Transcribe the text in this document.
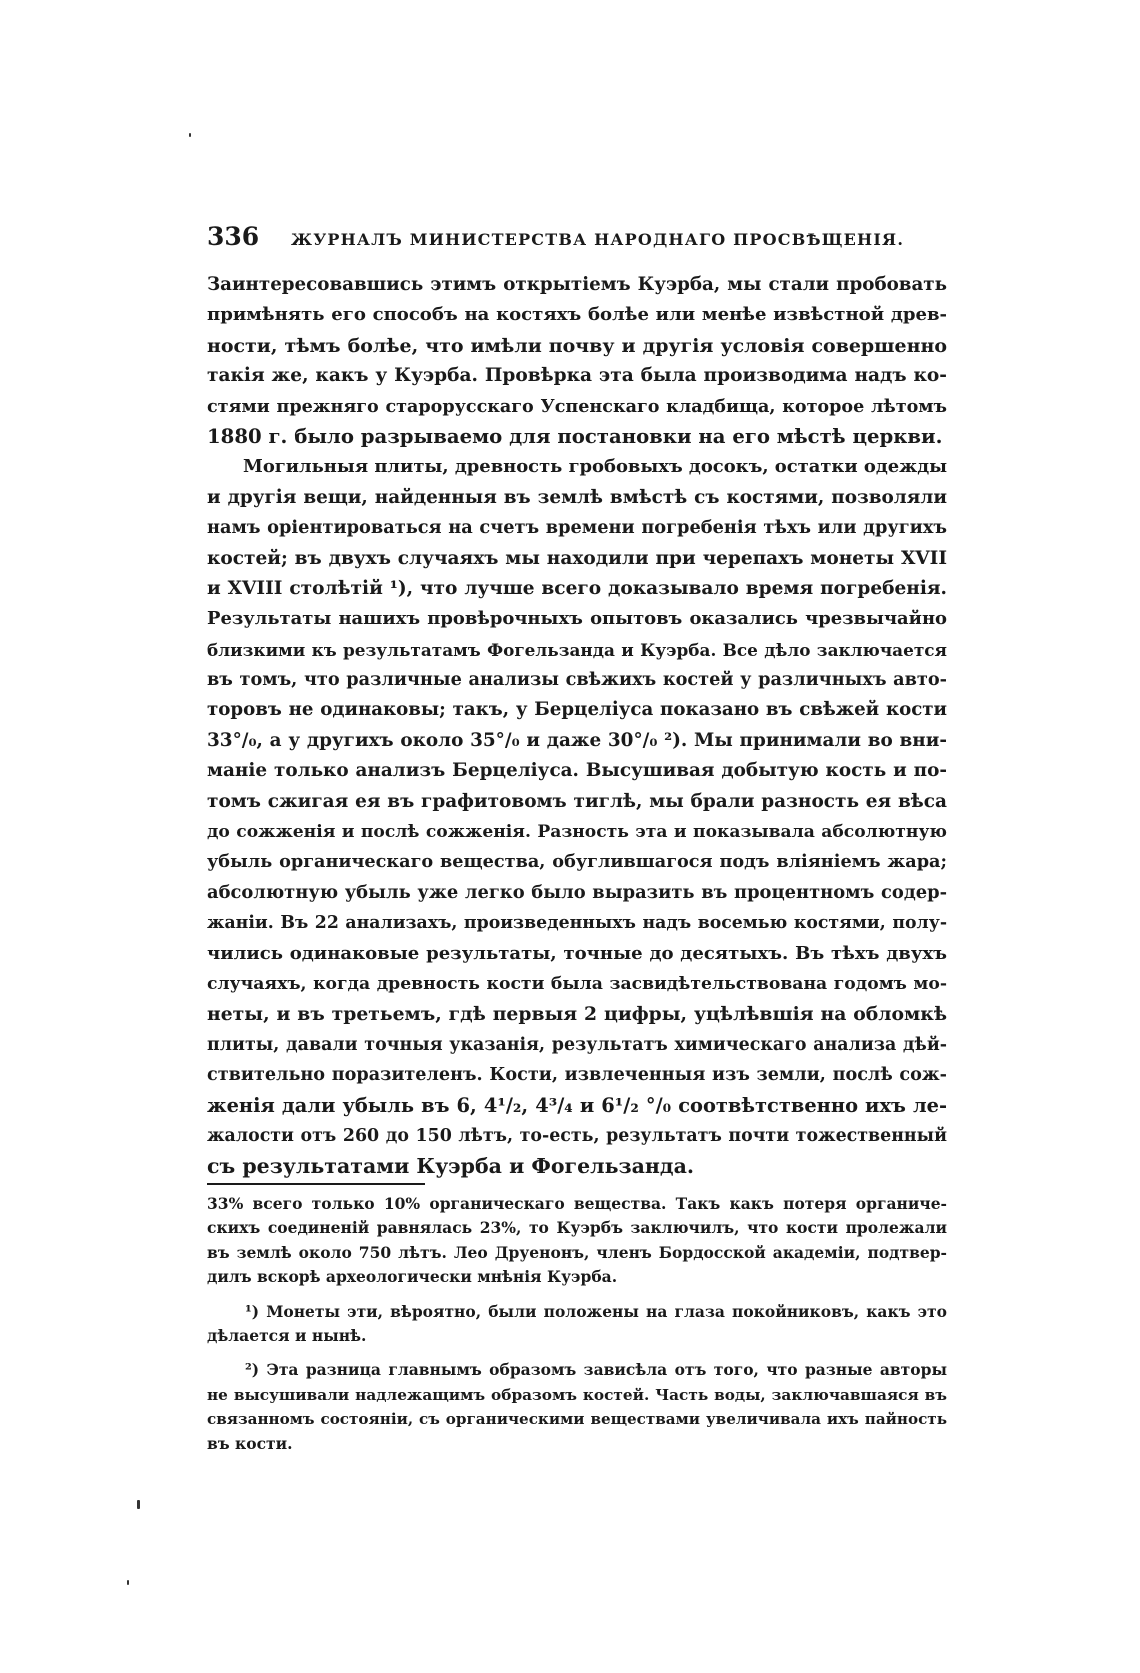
336	ЖУРНАЛЪ МИНИСТЕРСТВА НАРОДНАГО ПРОСВѢЩЕНІЯ.
Заинтересовавшись этимъ открытіемъ Куэрба, мы стали пробовать
примѣнять его способъ на костяхъ болѣе или менѣе извѣстной древ-
ности, тѣмъ болѣе, что имѣли почву и другія условія совершенно
такія же, какъ у Куэрба. Провѣрка эта была производима надъ ко-
стями прежняго старорусскаго Успенскаго кладбища, которое лѣтомъ
1880 г. было разрываемо для постановки на его мѣстѣ церкви.
Могильныя плиты, древность гробовыхъ досокъ, остатки одежды
и другія вещи, найденныя въ землѣ вмѣстѣ съ костями, позволяли
намъ оріентироваться на счетъ времени погребенія тѣхъ или другихъ
костей; въ двухъ случаяхъ мы находили при черепахъ монеты XVII
и XVIII столѣтій ¹), что лучше всего доказывало время погребенія.
Результаты нашихъ провѣрочныхъ опытовъ оказались чрезвычайно
близкими къ результатамъ Фогельзанда и Куэрба. Все дѣло заключается
въ томъ, что различные анализы свѣжихъ костей у различныхъ авто-
торовъ не одинаковы; такъ, у Берцеліуса показано въ свѣжей кости
33°/₀, а у другихъ около 35°/₀ и даже 30°/₀ ²). Мы принимали во вни-
маніе только анализъ Берцеліуса. Высушивая добытую кость и по-
томъ сжигая ея въ графитовомъ тиглѣ, мы брали разность ея вѣса
до сожженія и послѣ сожженія. Разность эта и показывала абсолютную
убыль органическаго вещества, обуглившагося подъ вліяніемъ жара;
абсолютную убыль уже легко было выразить въ процентномъ содер-
жаніи. Въ 22 анализахъ, произведенныхъ надъ восемью костями, полу-
чились одинаковые результаты, точные до десятыхъ. Въ тѣхъ двухъ
случаяхъ, когда древность кости была засвидѣтельствована годомъ мо-
неты, и въ третьемъ, гдѣ первыя 2 цифры, уцѣлѣвшія на обломкѣ
плиты, давали точныя указанія, результатъ химическаго анализа дѣй-
ствительно поразителенъ. Кости, извлеченныя изъ земли, послѣ сож-
женія дали убыль въ 6, 4¹/₂, 4³/₄ и 6¹/₂ °/₀ соотвѣтственно ихъ ле-
жалости отъ 260 до 150 лѣтъ, то-есть, результатъ почти тожественный
съ результатами Куэрба и Фогельзанда.
33% всего только 10% органическаго вещества. Такъ какъ потеря органиче-
скихъ соединеній равнялась 23%, то Куэрбъ заключилъ, что кости пролежали
въ землѣ около 750 лѣтъ. Лео Друенонъ, членъ Бордосской академіи, подтвер-
дилъ вскорѣ археологически мнѣнія Куэрба.
¹) Монеты эти, вѣроятно, были положены на глаза покойниковъ, какъ это
дѣлается и нынѣ.
²) Эта разница главнымъ образомъ зависѣла отъ того, что разные авторы
не высушивали надлежащимъ образомъ костей. Часть воды, заключавшаяся въ
связанномъ состояніи, съ органическими веществами увеличивала ихъ пайность
въ кости.
